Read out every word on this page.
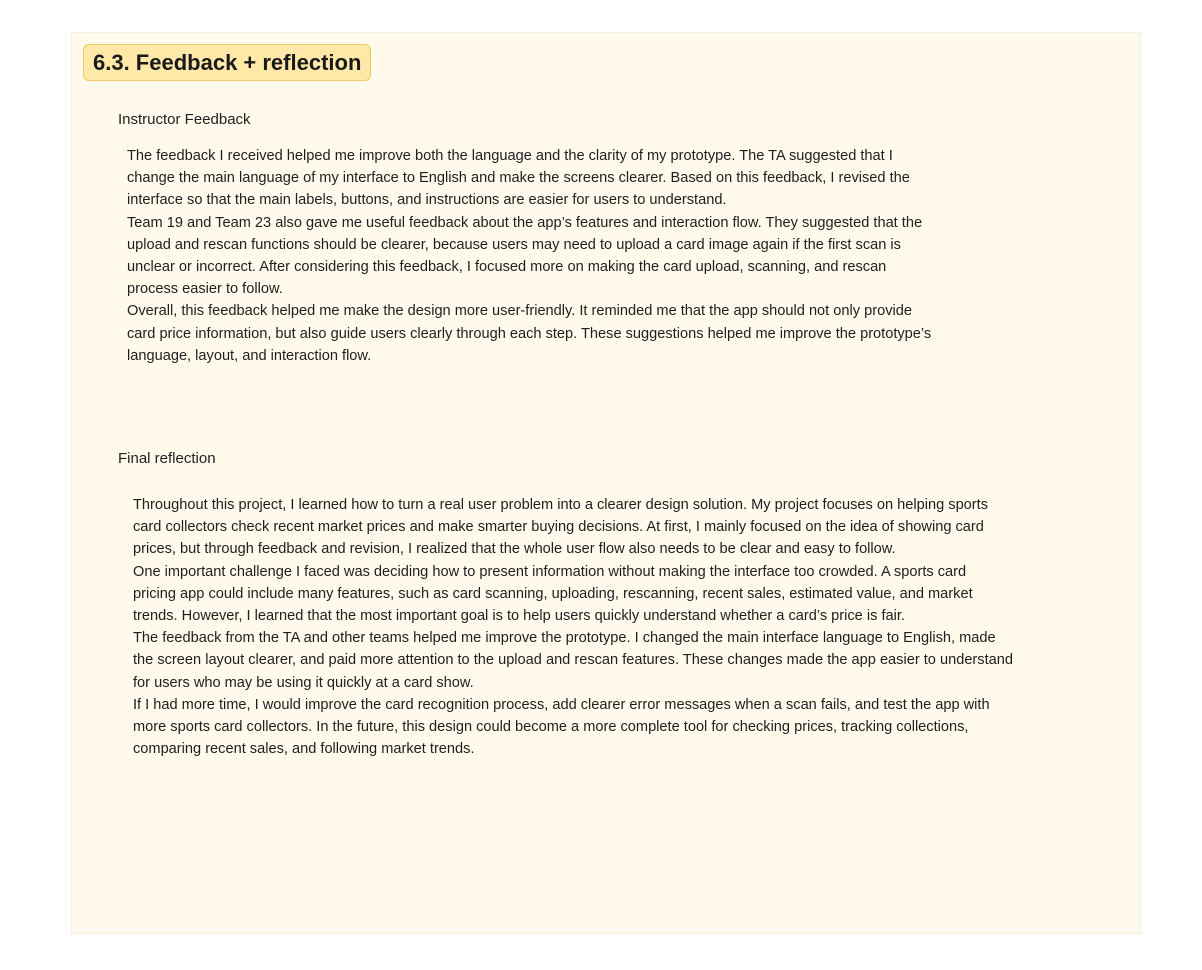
6.3. Feedback + reflection
Instructor Feedback

The feedback I received helped me improve both the language and the clarity of my prototype. The TA suggested that I change the main language of my interface to English and make the screens clearer. Based on this feedback, I revised the interface so that the main labels, buttons, and instructions are easier for users to understand.

Team 19 and Team 23 also gave me useful feedback about the app’s features and interaction flow. They suggested that the upload and rescan functions should be clearer, because users may need to upload a card image again if the first scan is unclear or incorrect. After considering this feedback, I focused more on making the card upload, scanning, and rescan process easier to follow.

Overall, this feedback helped me make the design more user-friendly. It reminded me that the app should not only provide card price information, but also guide users clearly through each step. These suggestions helped me improve the prototype’s language, layout, and interaction flow.

Final reflection

Throughout this project, I learned how to turn a real user problem into a clearer design solution. My project focuses on helping sports card collectors check recent market prices and make smarter buying decisions. At first, I mainly focused on the idea of showing card prices, but through feedback and revision, I realized that the whole user flow also needs to be clear and easy to follow.

One important challenge I faced was deciding how to present information without making the interface too crowded. A sports card pricing app could include many features, such as card scanning, uploading, rescanning, recent sales, estimated value, and market trends. However, I learned that the most important goal is to help users quickly understand whether a card’s price is fair.

The feedback from the TA and other teams helped me improve the prototype. I changed the main interface language to English, made the screen layout clearer, and paid more attention to the upload and rescan features. These changes made the app easier to understand for users who may be using it quickly at a card show.

If I had more time, I would improve the card recognition process, add clearer error messages when a scan fails, and test the app with more sports card collectors. In the future, this design could become a more complete tool for checking prices, tracking collections, comparing recent sales, and following market trends.
